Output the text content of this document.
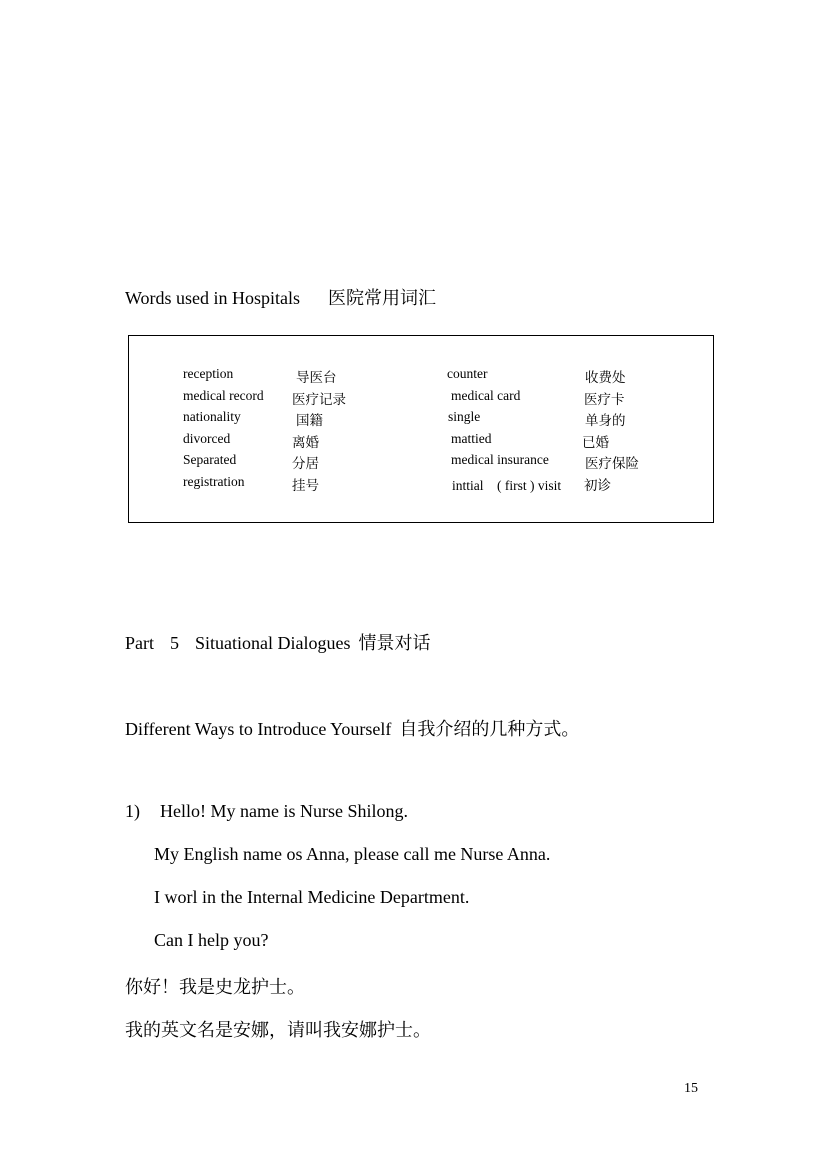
Words used in Hospitals 医院常用词汇
reception
medical record
nationality
divorced
Separated
registration
导医台
医疗记录
国籍
离婚
分居
挂号
counter
medical card
single
mattied
medical insurance
inttial　( first ) visit
收费处
医疗卡
单身的
已婚
医疗保险
初诊
Part 5 Situational Dialogues 情景对话
Different Ways to Introduce Yourself 自我介绍的几种方式。
1) Hello! My name is Nurse Shilong.
My English name os Anna, please call me Nurse Anna.
I worl in the Internal Medicine Department.
Can I help you?
你好！我是史龙护士。
我的英文名是安娜，请叫我安娜护士。
15
